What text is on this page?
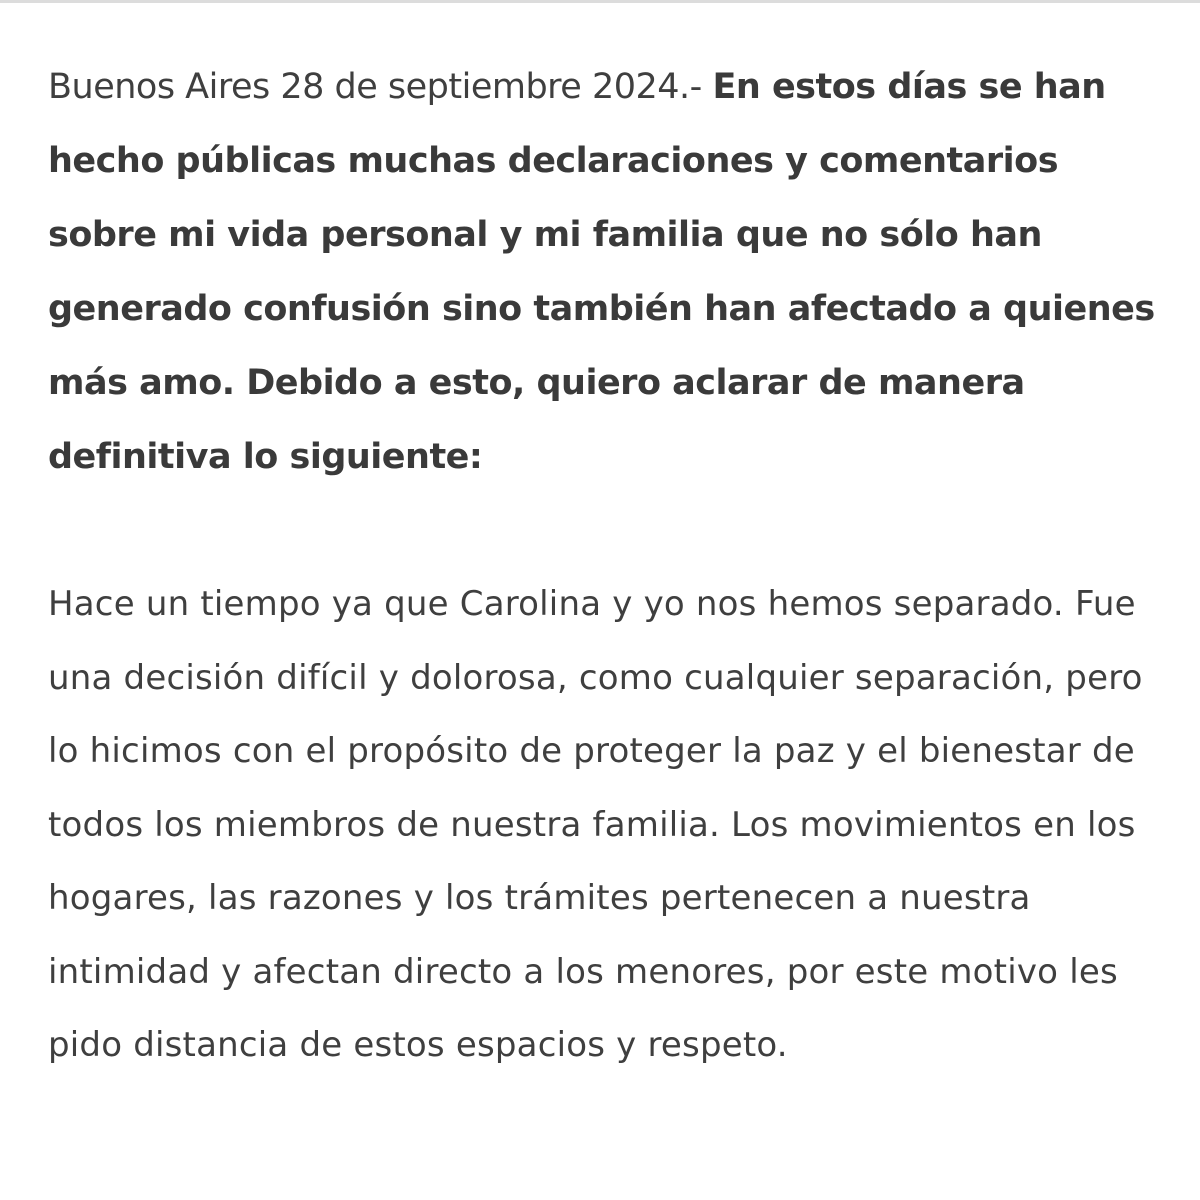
Buenos Aires 28 de septiembre 2024.- En estos días se han hecho públicas muchas declaraciones y comentarios sobre mi vida personal y mi familia que no sólo han generado confusión sino también han afectado a quienes más amo. Debido a esto, quiero aclarar de manera definitiva lo siguiente:

Hace un tiempo ya que Carolina y yo nos hemos separado. Fue una decisión difícil y dolorosa, como cualquier separación, pero lo hicimos con el propósito de proteger la paz y el bienestar de todos los miembros de nuestra familia. Los movimientos en los hogares, las razones y los trámites pertenecen a nuestra intimidad y afectan directo a los menores, por este motivo les pido distancia de estos espacios y respeto.
